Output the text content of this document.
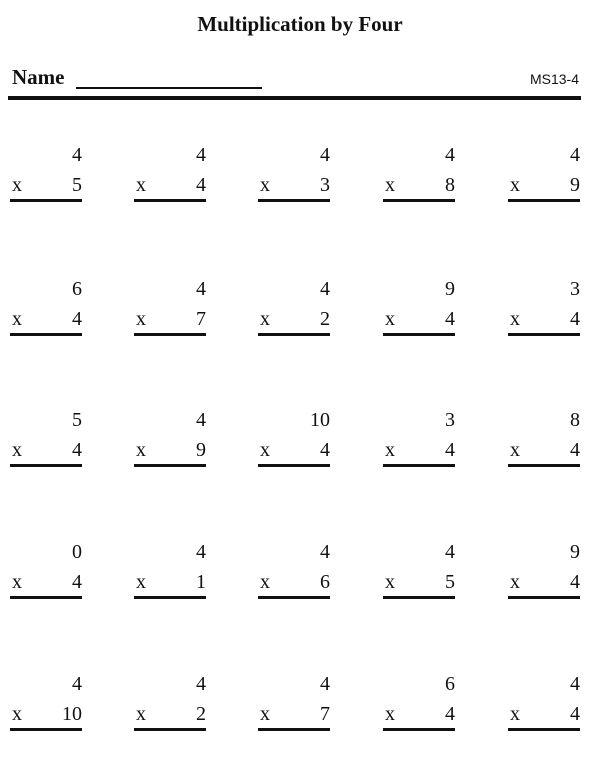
Multiplication by Four
Name	MS13-4
4
x	5
4
x	4
4
x	3
4
x	8
4
x	9
6
x	4
4
x	7
4
x	2
9
x	4
3
x	4
5
x	4
4
x	9
10
x	4
3
x	4
8
x	4
0
x	4
4
x	1
4
x	6
4
x	5
9
x	4
4
x 10
4
x	2
4
x	7
6
x	4
4
x	4
